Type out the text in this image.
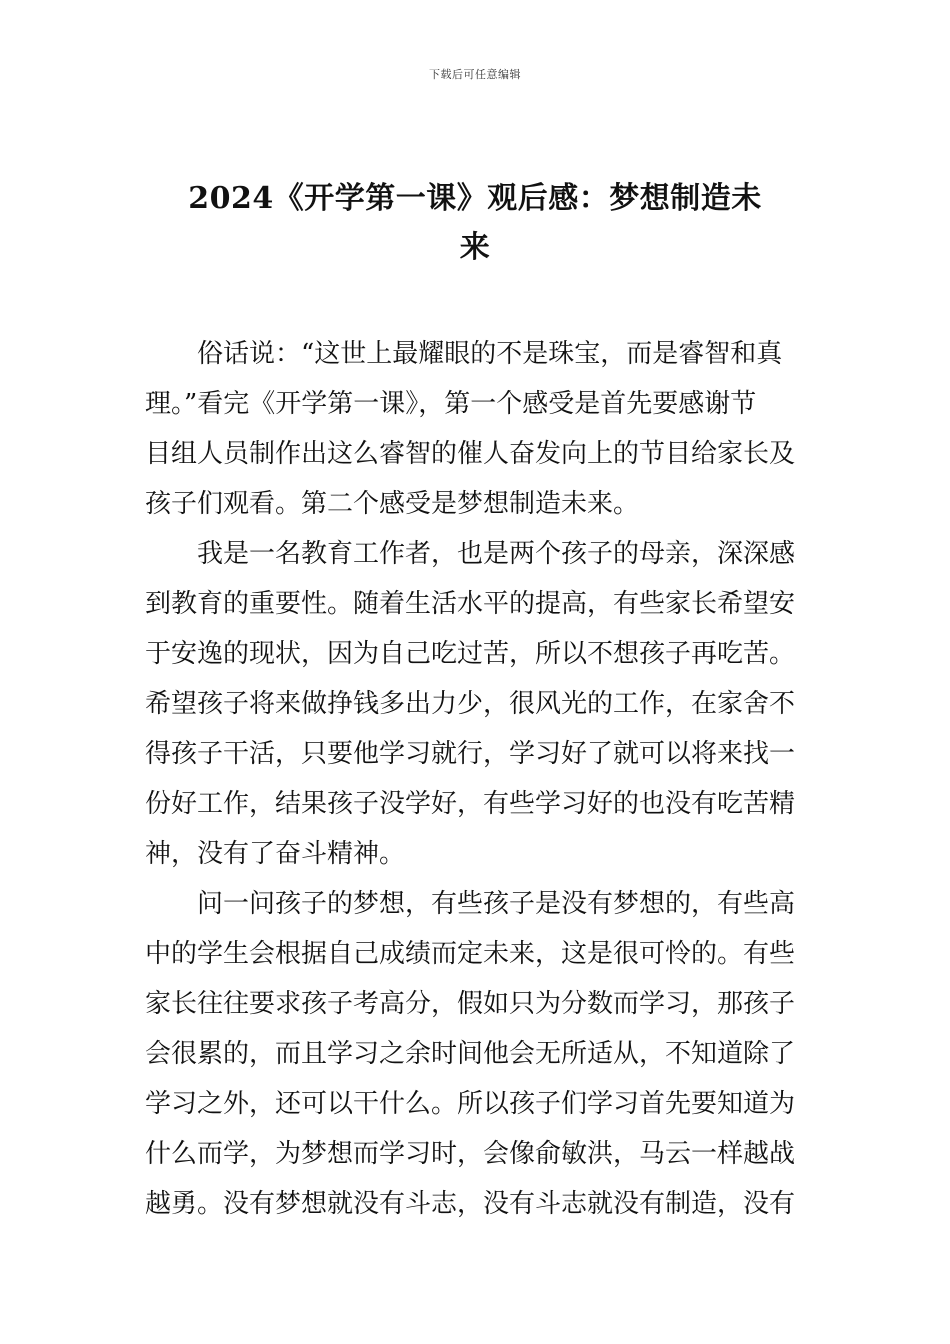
下载后可任意编辑
2024《开学第一课》观后感：梦想制造未
来
俗话说：“这世上最耀眼的不是珠宝，而是睿智和真
理。”看完《开学第一课》，第一个感受是首先要感谢节
目组人员制作出这么睿智的催人奋发向上的节目给家长及
孩子们观看。第二个感受是梦想制造未来。
我是一名教育工作者，也是两个孩子的母亲，深深感
到教育的重要性。随着生活水平的提高，有些家长希望安
于安逸的现状，因为自己吃过苦，所以不想孩子再吃苦。
希望孩子将来做挣钱多出力少，很风光的工作，在家舍不
得孩子干活，只要他学习就行，学习好了就可以将来找一
份好工作，结果孩子没学好，有些学习好的也没有吃苦精
神，没有了奋斗精神。
问一问孩子的梦想，有些孩子是没有梦想的，有些高
中的学生会根据自己成绩而定未来，这是很可怜的。有些
家长往往要求孩子考高分，假如只为分数而学习，那孩子
会很累的，而且学习之余时间他会无所适从，不知道除了
学习之外，还可以干什么。所以孩子们学习首先要知道为
什么而学，为梦想而学习时，会像俞敏洪，马云一样越战
越勇。没有梦想就没有斗志，没有斗志就没有制造，没有
